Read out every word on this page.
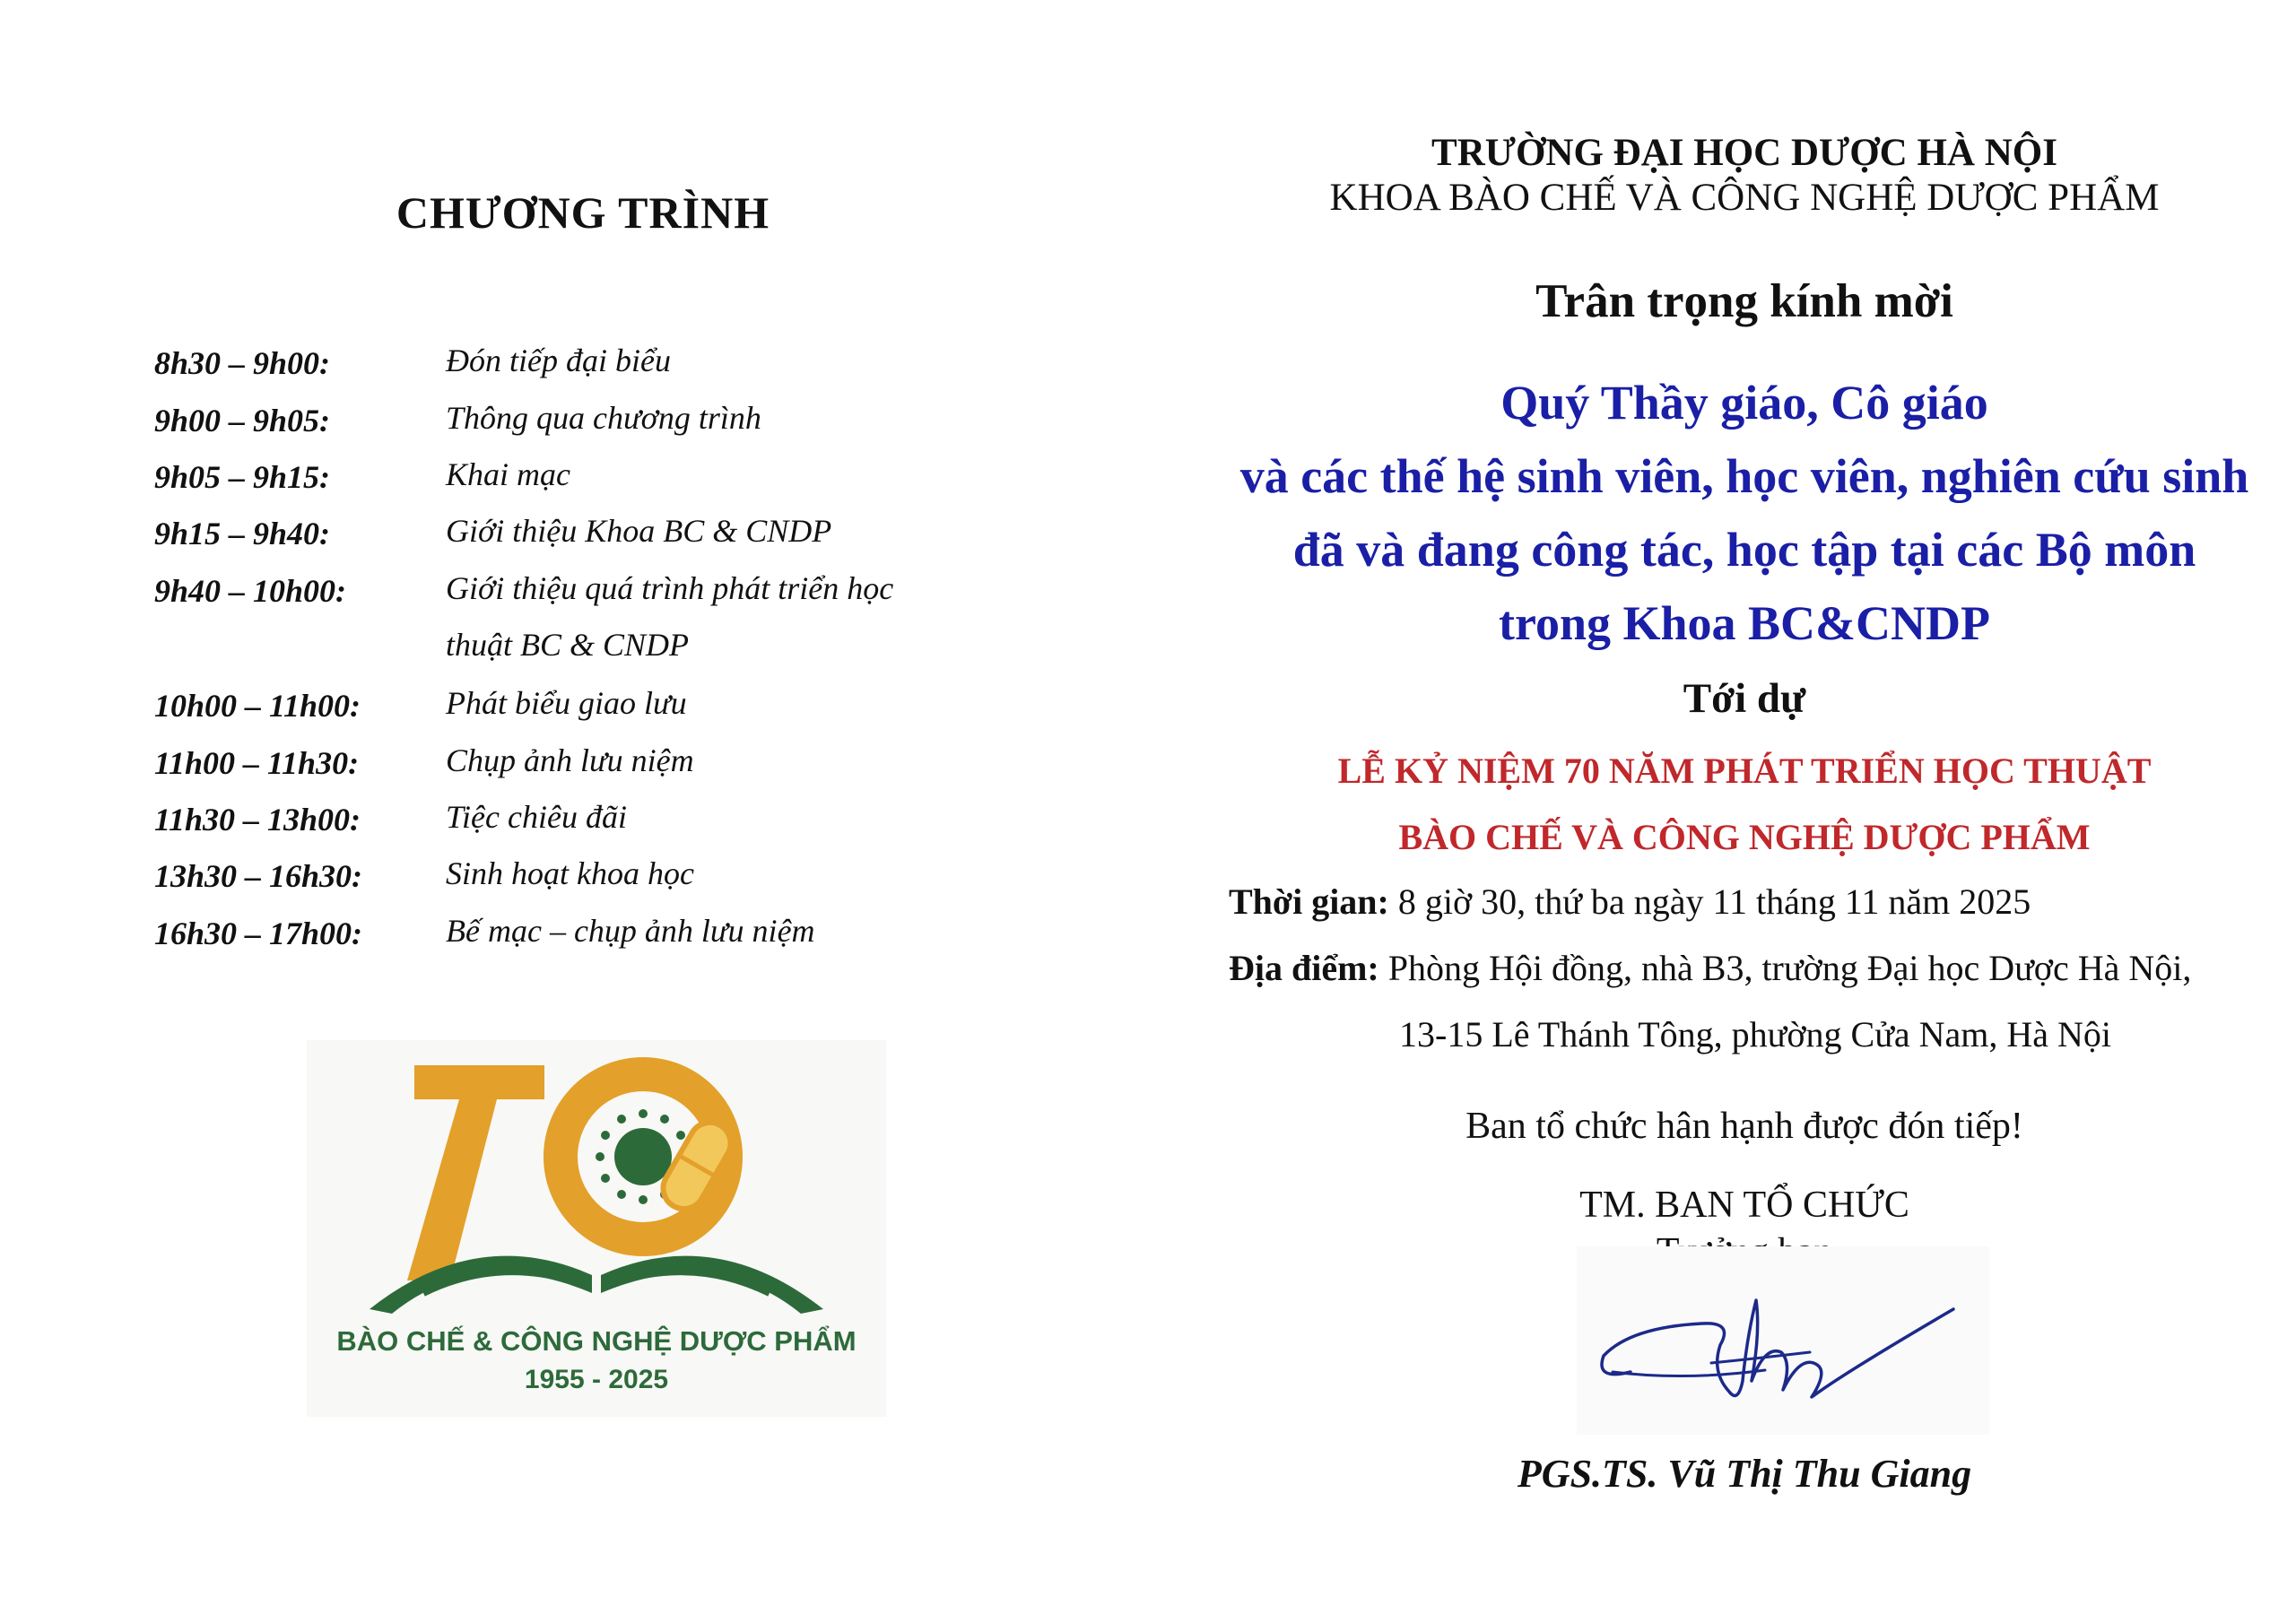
CHƯƠNG TRÌNH
8h30 – 9h00:	Đón tiếp đại biểu
9h00 – 9h05:	Thông qua chương trình
9h05 – 9h15:	Khai mạc
9h15 – 9h40:	Giới thiệu Khoa BC & CNDP
9h40 – 10h00:	Giới thiệu quá trình phát triển học thuật BC & CNDP
10h00 – 11h00:	Phát biểu giao lưu
11h00 – 11h30:	Chụp ảnh lưu niệm
11h30 – 13h00:	Tiệc chiêu đãi
13h30 – 16h30:	Sinh hoạt khoa học
16h30 – 17h00:	Bế mạc – chụp ảnh lưu niệm
BÀO CHẾ & CÔNG NGHỆ DƯỢC PHẨM
1955 - 2025
TRƯỜNG ĐẠI HỌC DƯỢC HÀ NỘI
KHOA BÀO CHẾ VÀ CÔNG NGHỆ DƯỢC PHẨM
Trân trọng kính mời
Quý Thầy giáo, Cô giáo
và các thế hệ sinh viên, học viên, nghiên cứu sinh
đã và đang công tác, học tập tại các Bộ môn
trong Khoa BC&CNDP
Tới dự
LỄ KỶ NIỆM 70 NĂM PHÁT TRIỂN HỌC THUẬT
BÀO CHẾ VÀ CÔNG NGHỆ DƯỢC PHẨM
Thời gian: 8 giờ 30, thứ ba ngày 11 tháng 11 năm 2025
Địa điểm: Phòng Hội đồng, nhà B3, trường Đại học Dược Hà Nội,
13-15 Lê Thánh Tông, phường Cửa Nam, Hà Nội
Ban tổ chức hân hạnh được đón tiếp!
TM. BAN TỔ CHỨC
PGS.TS. Vũ Thị Thu Giang
